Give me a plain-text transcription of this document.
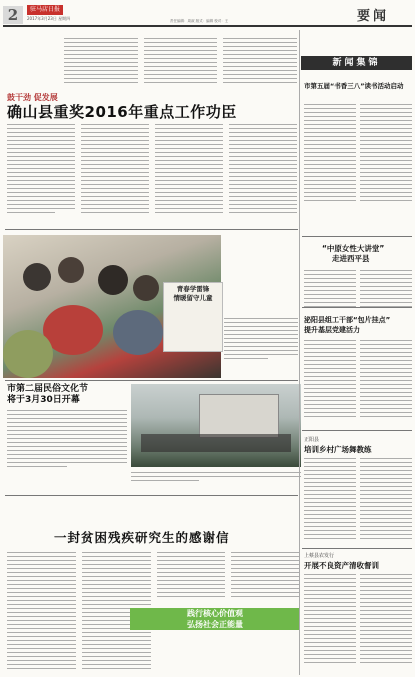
2	驻马店日报
2017年3月23日 星期四	责任编辑：周淑 版式：编辑 校对：王	要闻
鼓干劲 促发展
确山县重奖2016年重点工作功臣
青春学雷锋
情暖留守儿童
市第二届民俗文化节
将于3月30日开幕
一封贫困残疾研究生的感谢信
践行核心价值观
弘扬社会正能量
新闻集锦
市第五届“书香三八”读书活动启动
“中原女性大讲堂”
走进西平县
泌阳县组工干部“包片挂点”
提升基层党建活力
正阳县
培训乡村广场舞教练
上蔡县农发行
开展不良资产清收督训
